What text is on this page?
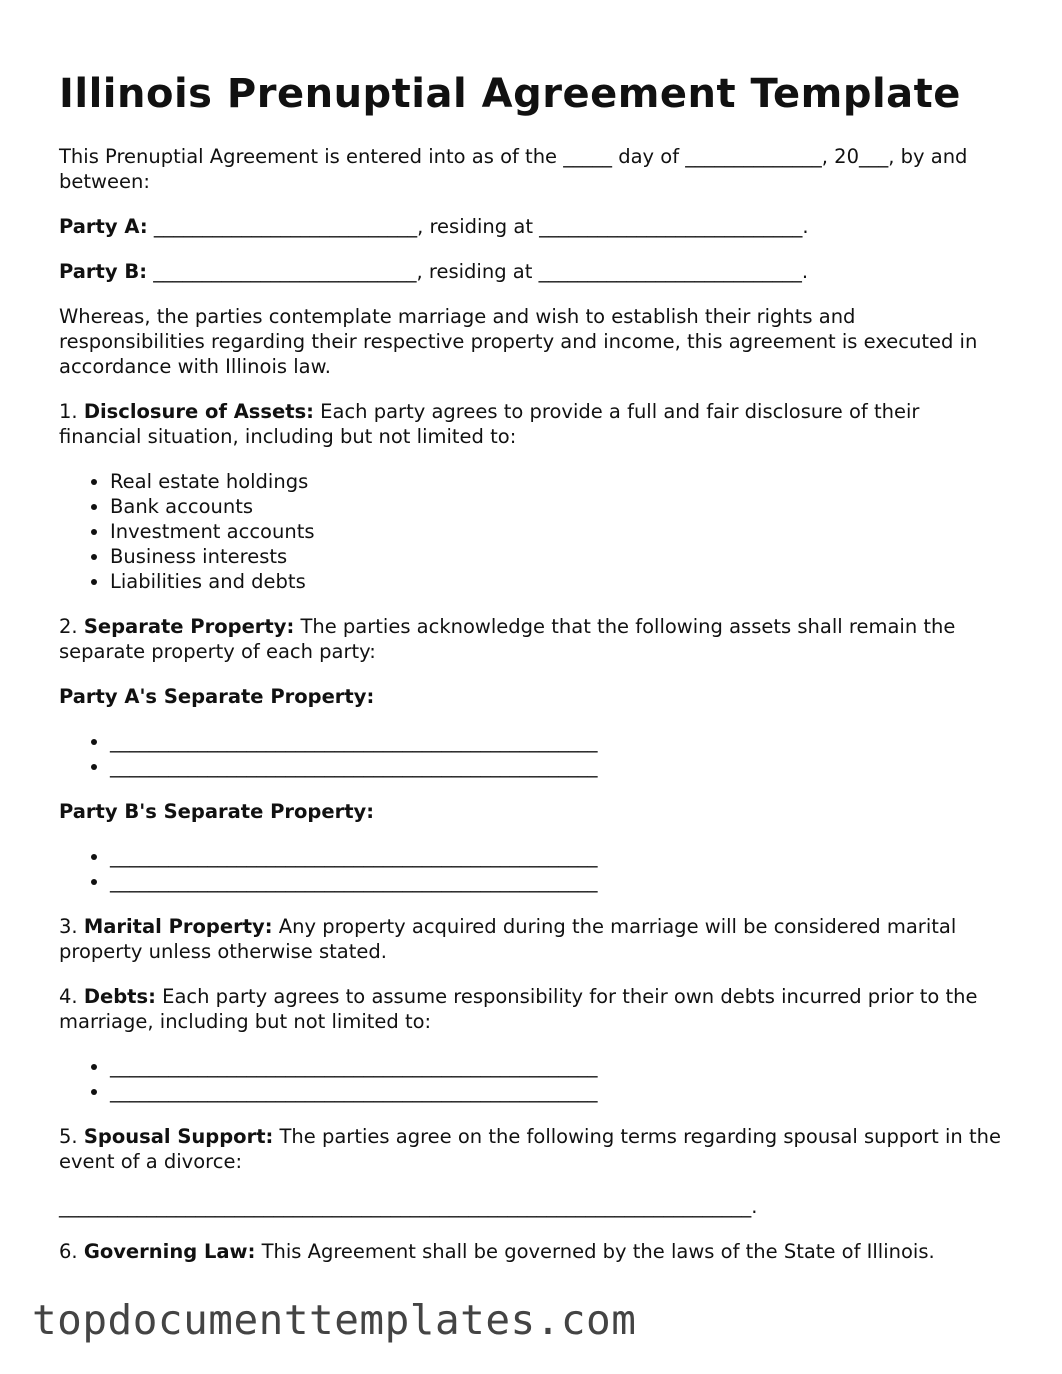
Illinois Prenuptial Agreement Template

This Prenuptial Agreement is entered into as of the _____ day of ______________, 20___, by and between:

Party A: ___________________________, residing at ___________________________.

Party B: ___________________________, residing at ___________________________.

Whereas, the parties contemplate marriage and wish to establish their rights and responsibilities regarding their respective property and income, this agreement is executed in accordance with Illinois law.

1. Disclosure of Assets: Each party agrees to provide a full and fair disclosure of their financial situation, including but not limited to:

• Real estate holdings
• Bank accounts
• Investment accounts
• Business interests
• Liabilities and debts

2. Separate Property: The parties acknowledge that the following assets shall remain the separate property of each party:

Party A's Separate Property:

• __________________________________________________
• __________________________________________________

Party B's Separate Property:

• __________________________________________________
• __________________________________________________

3. Marital Property: Any property acquired during the marriage will be considered marital property unless otherwise stated.

4. Debts: Each party agrees to assume responsibility for their own debts incurred prior to the marriage, including but not limited to:

• __________________________________________________
• __________________________________________________

5. Spousal Support: The parties agree on the following terms regarding spousal support in the event of a divorce:

_______________________________________________________________________.

6. Governing Law: This Agreement shall be governed by the laws of the State of Illinois.

topdocumenttemplates.com
